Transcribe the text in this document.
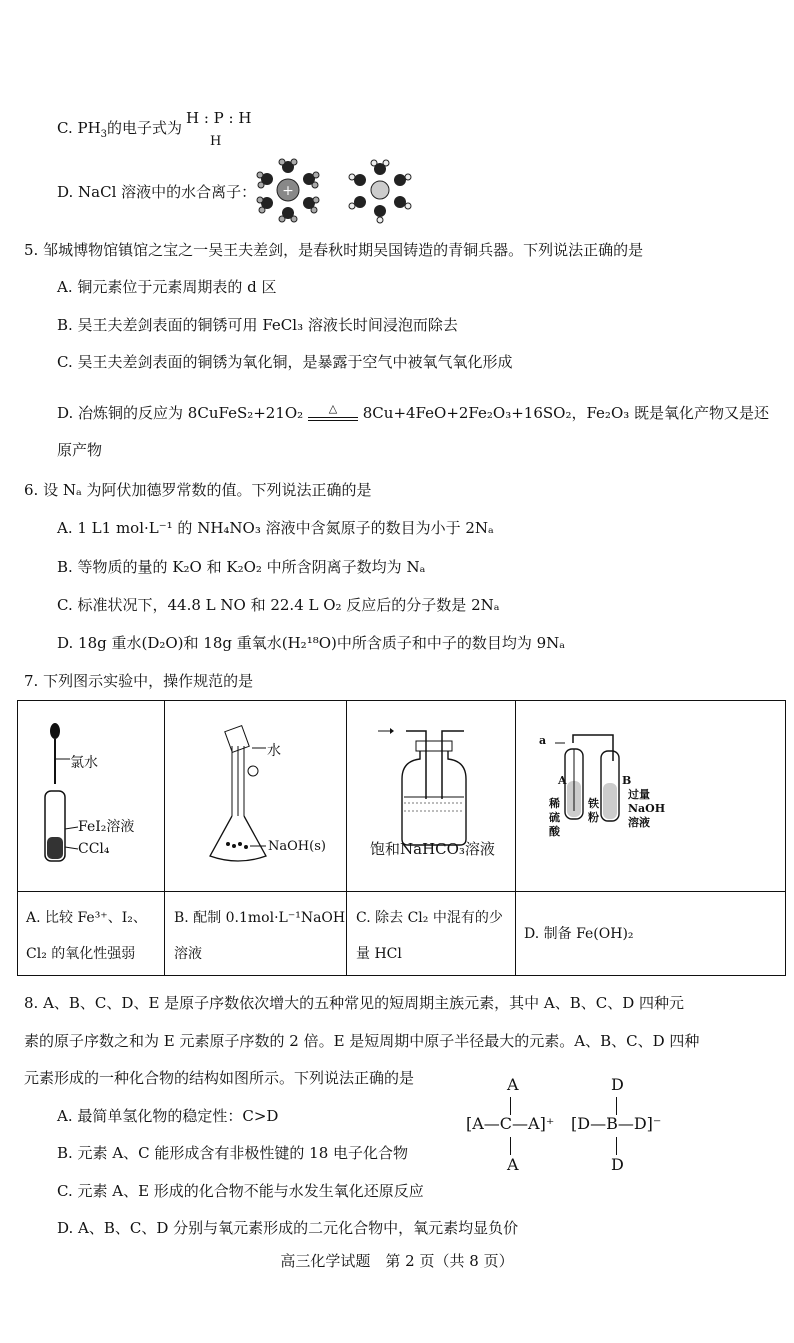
C. $PH_3$的电子式为
H : P : H
H
D. NaCl 溶液中的水合离子： +
5. 邹城博物馆镇馆之宝之一吴王夫差剑，是春秋时期吴国铸造的青铜兵器。下列说法正确的是
A. 铜元素位于元素周期表的 d 区
B. 吴王夫差剑表面的铜锈可用 FeCl₃ 溶液长时间浸泡而除去
C. 吴王夫差剑表面的铜锈为氧化铜，是暴露于空气中被氧气氧化形成
D. 冶炼铜的反应为 8CuFeS₂+21O₂ △ 8Cu+4FeO+2Fe₂O₃+16SO₂，Fe₂O₃ 既是氧化产物又是还
原产物
6. 设 Nₐ 为阿伏加德罗常数的值。下列说法正确的是
A. 1 L1 mol·L⁻¹ 的 NH₄NO₃ 溶液中含氮原子的数目为小于 2Nₐ
B. 等物质的量的 K₂O 和 K₂O₂ 中所含阴离子数均为 Nₐ
C. 标准状况下，44.8 L NO 和 22.4 L O₂ 反应后的分子数是 2Nₐ
D. 18g 重水(D₂O)和 18g 重氧水(H₂¹⁸O)中所含质子和中子的数目均为 9Nₐ
7. 下列图示实验中，操作规范的是
氯水
FeI₂溶液
CCl₄
水
NaOH(s)	饱和NaHCO₃溶液
a
A	B
稀硫酸
铁粉
过量
NaOH
溶液
A. 比较 Fe³⁺、I₂、
Cl₂ 的氧化性强弱
B. 配制 0.1mol·L⁻¹NaOH
溶液
C. 除去 Cl₂ 中混有的少
量 HCl
D. 制备 Fe(OH)₂
8. A、B、C、D、E 是原子序数依次增大的五种常见的短周期主族元素，其中 A、B、C、D 四种元
素的原子序数之和为 E 元素原子序数的 2 倍。E 是短周期中原子半径最大的元素。A、B、C、D 四种
元素形成的一种化合物的结构如图所示。下列说法正确的是
A. 最简单氢化物的稳定性：C>D
B. 元素 A、C 能形成含有非极性键的 18 电子化合物
C. 元素 A、E 形成的化合物不能与水发生氧化还原反应
D. A、B、C、D 分别与氧元素形成的二元化合物中，氧元素均显负价
A
[A—C—A]⁺
A
D
[D—B—D]⁻
D
高三化学试题　第 2 页（共 8 页）
